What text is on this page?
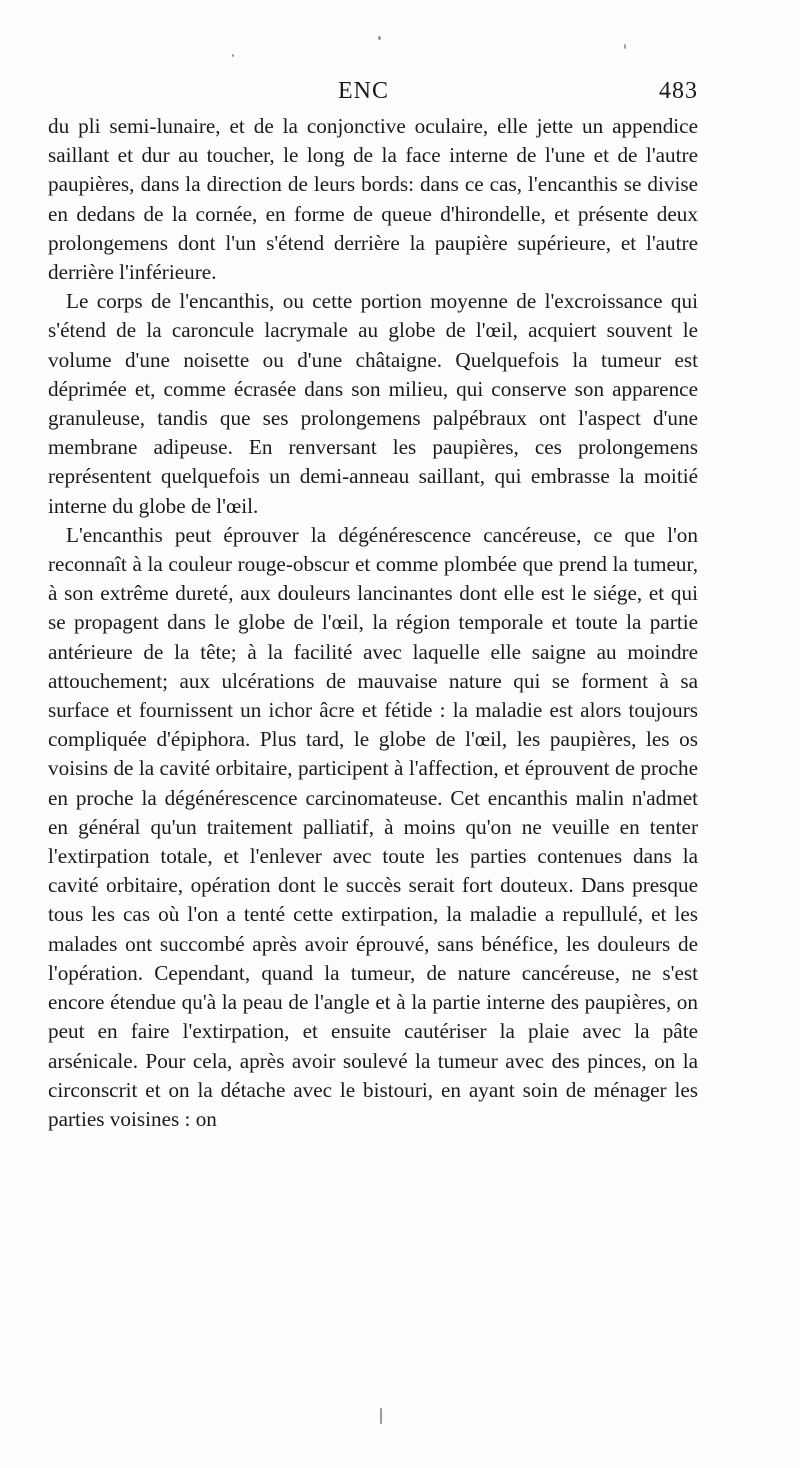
ENC	483

du pli semi-lunaire, et de la conjonctive oculaire, elle jette un appendice saillant et dur au toucher, le long de la face interne de l'une et de l'autre paupières, dans la direction de leurs bords: dans ce cas, l'encanthis se divise en dedans de la cornée, en forme de queue d'hirondelle, et présente deux prolongemens dont l'un s'étend derrière la paupière supérieure, et l'autre derrière l'inférieure.

Le corps de l'encanthis, ou cette portion moyenne de l'excroissance qui s'étend de la caroncule lacrymale au globe de l'œil, acquiert souvent le volume d'une noisette ou d'une châtaigne. Quelquefois la tumeur est déprimée et, comme écrasée dans son milieu, qui conserve son apparence granuleuse, tandis que ses prolongemens palpébraux ont l'aspect d'une membrane adipeuse. En renversant les paupières, ces prolongemens représentent quelquefois un demi-anneau saillant, qui embrasse la moitié interne du globe de l'œil.

L'encanthis peut éprouver la dégénérescence cancéreuse, ce que l'on reconnaît à la couleur rouge-obscur et comme plombée que prend la tumeur, à son extrême dureté, aux douleurs lancinantes dont elle est le siége, et qui se propagent dans le globe de l'œil, la région temporale et toute la partie antérieure de la tête; à la facilité avec laquelle elle saigne au moindre attouchement; aux ulcérations de mauvaise nature qui se forment à sa surface et fournissent un ichor âcre et fétide : la maladie est alors toujours compliquée d'épiphora. Plus tard, le globe de l'œil, les paupières, les os voisins de la cavité orbitaire, participent à l'affection, et éprouvent de proche en proche la dégénérescence carcinomateuse. Cet encanthis malin n'admet en général qu'un traitement palliatif, à moins qu'on ne veuille en tenter l'extirpation totale, et l'enlever avec toute les parties contenues dans la cavité orbitaire, opération dont le succès serait fort douteux. Dans presque tous les cas où l'on a tenté cette extirpation, la maladie a repullulé, et les malades ont succombé après avoir éprouvé, sans bénéfice, les douleurs de l'opération. Cependant, quand la tumeur, de nature cancéreuse, ne s'est encore étendue qu'à la peau de l'angle et à la partie interne des paupières, on peut en faire l'extirpation, et ensuite cautériser la plaie avec la pâte arsénicale. Pour cela, après avoir soulevé la tumeur avec des pinces, on la circonscrit et on la détache avec le bistouri, en ayant soin de ménager les parties voisines : on
